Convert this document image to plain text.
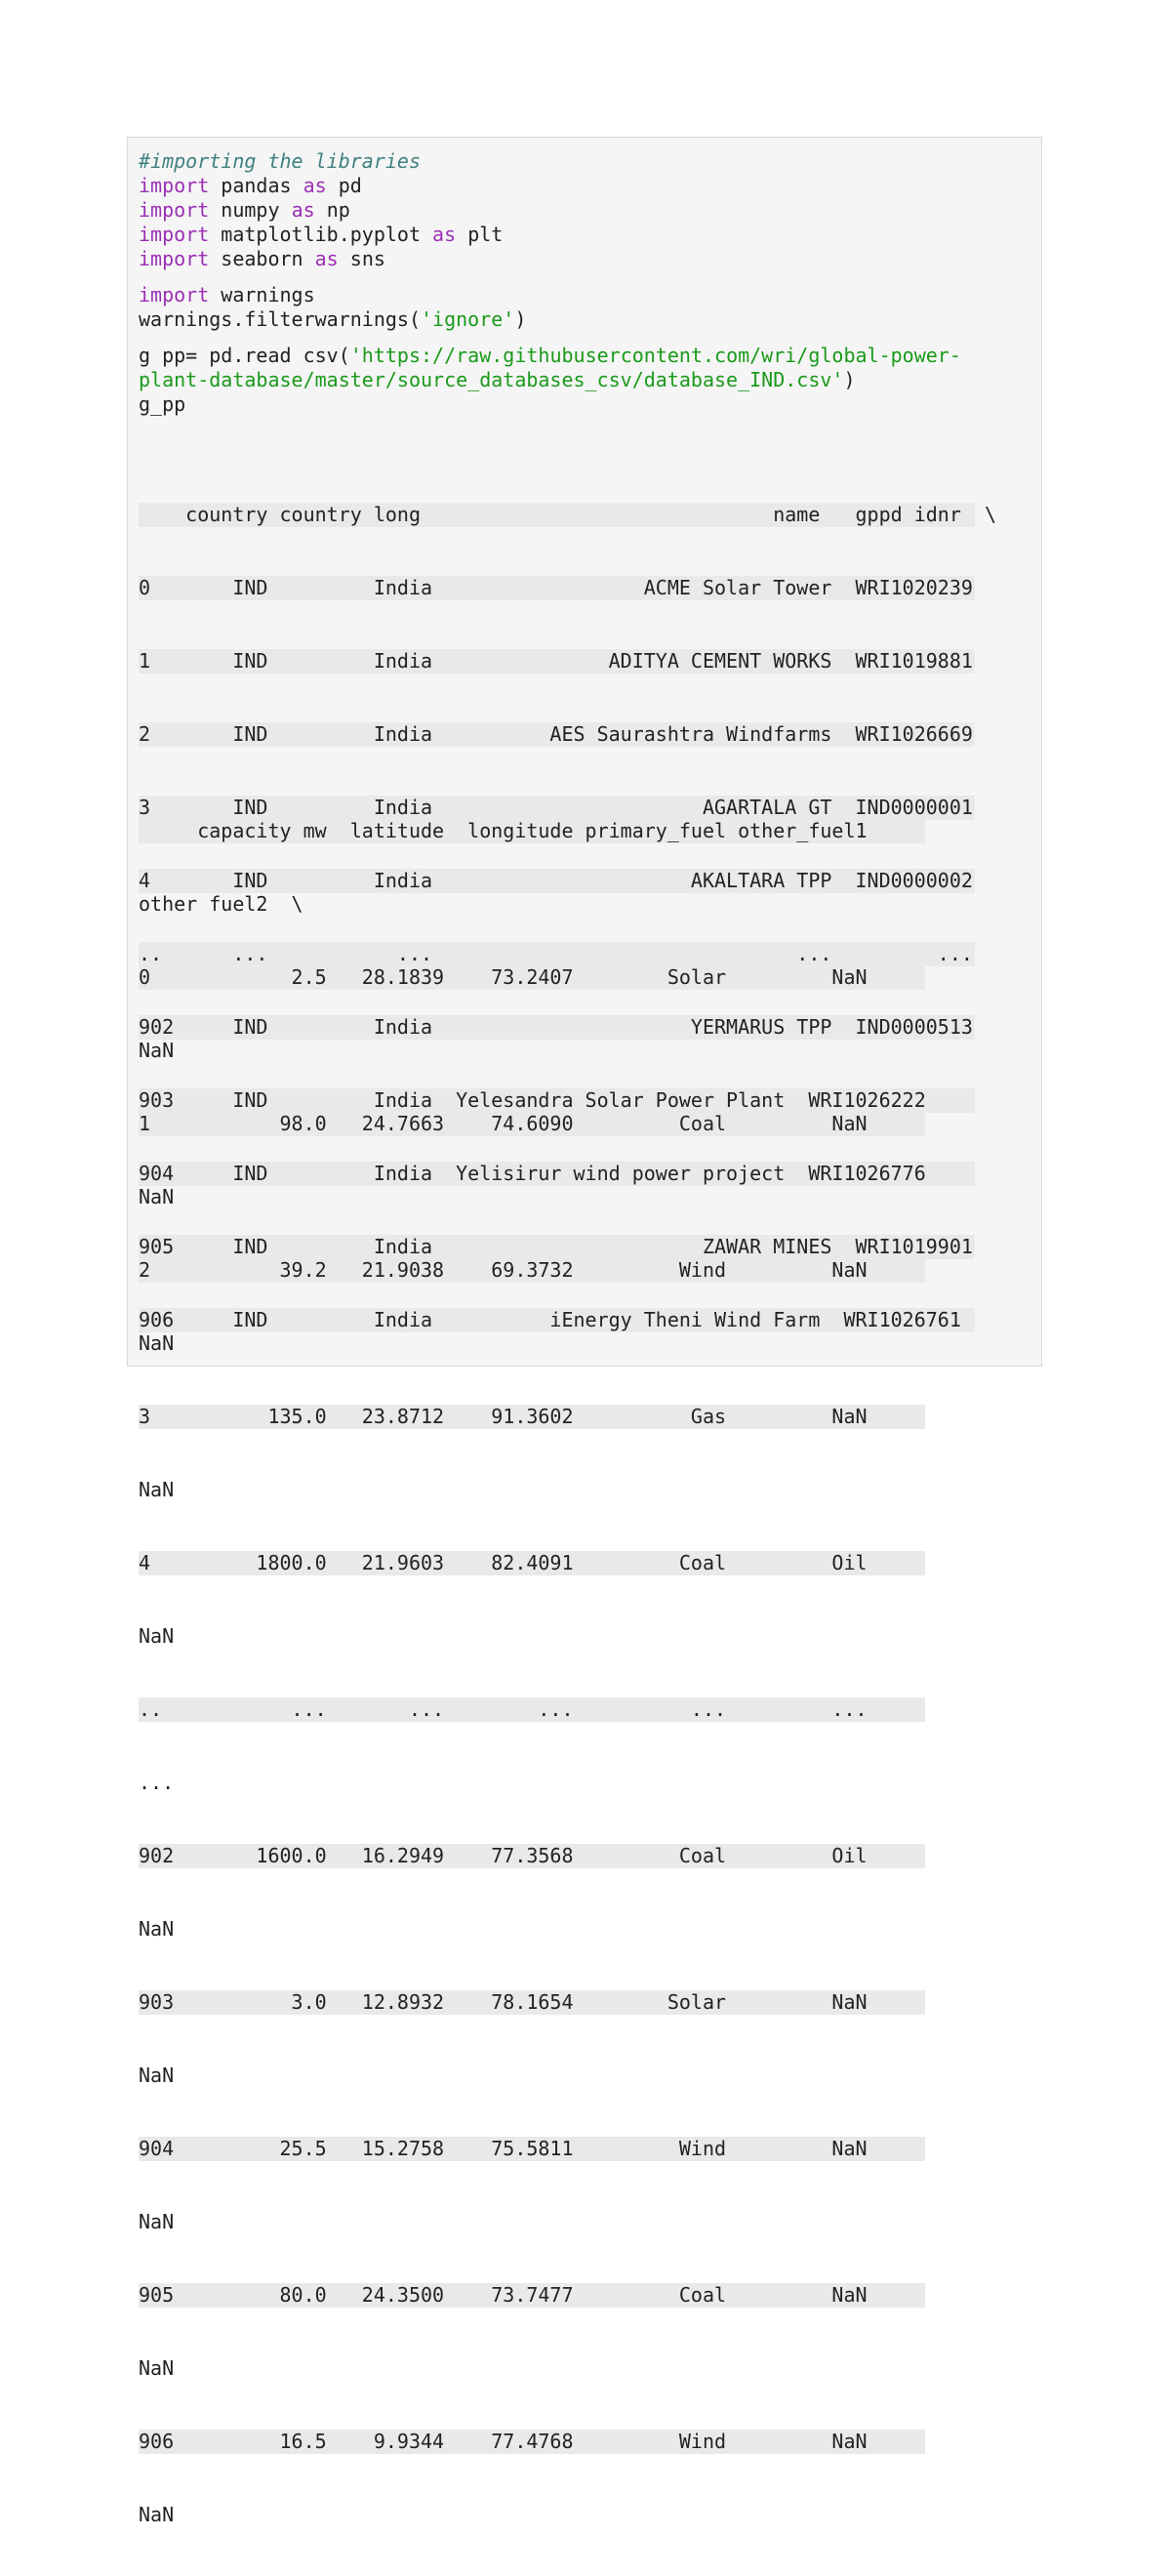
#importing the libraries
import pandas as pd
import numpy as np
import matplotlib.pyplot as plt
import seaborn as sns
import warnings
warnings.filterwarnings('ignore')
g pp= pd.read csv('https://raw.githubusercontent.com/wri/global-power-
plant-database/master/source_databases_csv/database_IND.csv')
g_pp

country country long                              name   gppd idnr  \

0       IND         India                  ACME Solar Tower  WRI1020239

1       IND         India               ADITYA CEMENT WORKS  WRI1019881

2       IND         India          AES Saurashtra Windfarms  WRI1026669

3       IND         India                       AGARTALA GT  IND0000001

4       IND         India                      AKALTARA TPP  IND0000002

..      ...           ...                               ...         ...

902     IND         India                      YERMARUS TPP  IND0000513

903     IND         India  Yelesandra Solar Power Plant  WRI1026222

904     IND         India  Yelisirur wind power project  WRI1026776

905     IND         India                       ZAWAR MINES  WRI1019901

906     IND         India          iEnergy Theni Wind Farm  WRI1026761

capacity mw  latitude  longitude primary_fuel other_fuel1

other fuel2  \

0            2.5   28.1839    73.2407        Solar         NaN

NaN

1           98.0   24.7663    74.6090         Coal         NaN

NaN

2           39.2   21.9038    69.3732         Wind         NaN

NaN

3          135.0   23.8712    91.3602          Gas         NaN

NaN

4         1800.0   21.9603    82.4091         Coal         Oil

NaN

..           ...       ...        ...          ...         ...

...

902       1600.0   16.2949    77.3568         Coal         Oil

NaN

903          3.0   12.8932    78.1654        Solar         NaN

NaN

904         25.5   15.2758    75.5811         Wind         NaN

NaN

905         80.0   24.3500    73.7477         Coal         NaN

NaN

906         16.5    9.9344    77.4768         Wind         NaN

NaN
